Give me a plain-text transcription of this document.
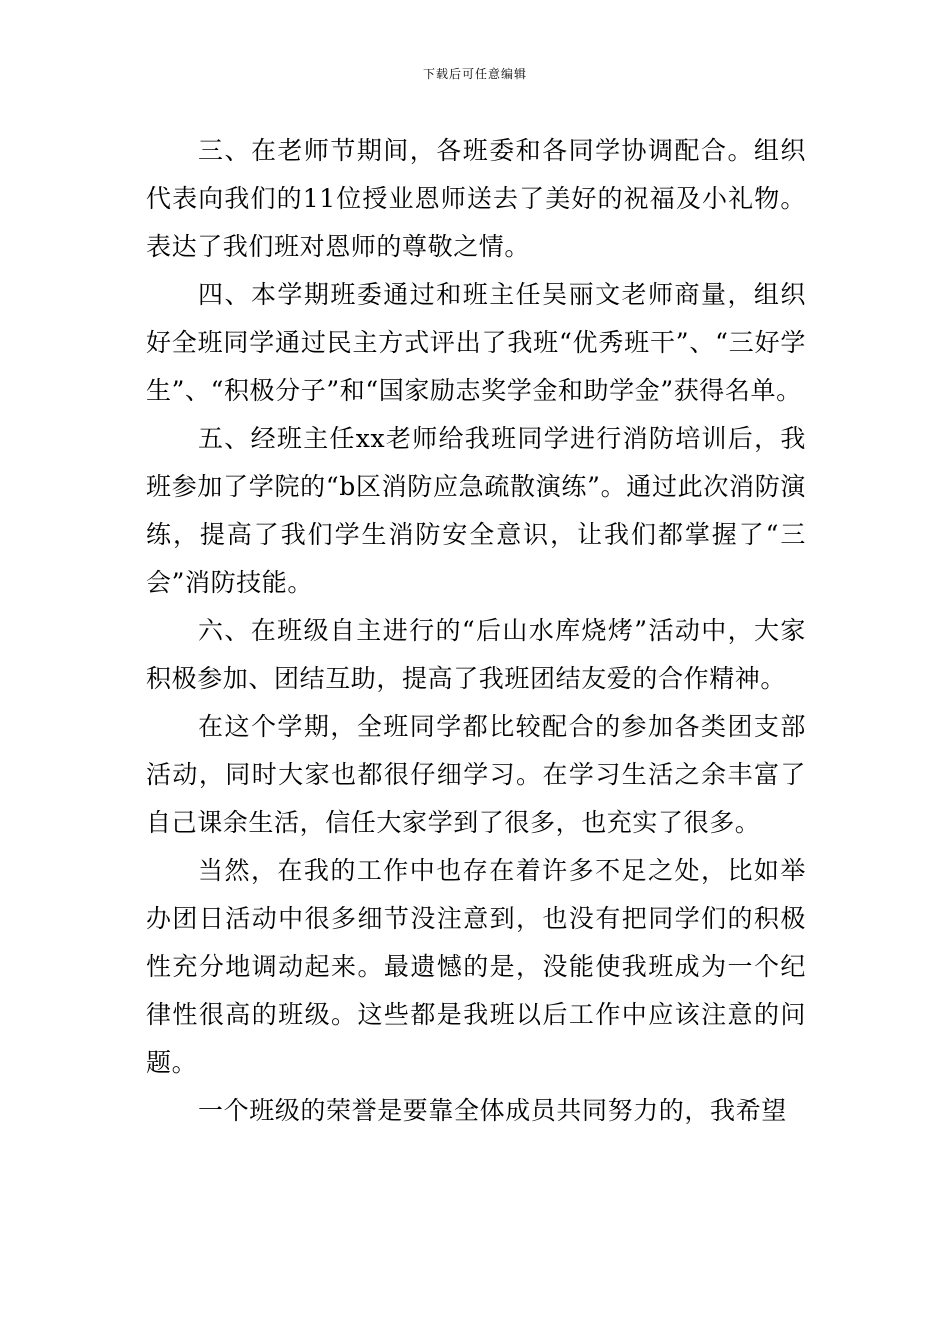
下载后可任意编辑

三、在老师节期间，各班委和各同学协调配合。组织代表向我们的11位授业恩师送去了美好的祝福及小礼物。表达了我们班对恩师的尊敬之情。

四、本学期班委通过和班主任吴丽文老师商量，组织好全班同学通过民主方式评出了我班“优秀班干”、“三好学生”、“积极分子”和“国家励志奖学金和助学金”获得名单。

五、经班主任xx老师给我班同学进行消防培训后，我班参加了学院的“b区消防应急疏散演练”。通过此次消防演练，提高了我们学生消防安全意识，让我们都掌握了“三会”消防技能。

六、在班级自主进行的“后山水库烧烤”活动中，大家积极参加、团结互助，提高了我班团结友爱的合作精神。

在这个学期，全班同学都比较配合的参加各类团支部活动，同时大家也都很仔细学习。在学习生活之余丰富了自己课余生活，信任大家学到了很多，也充实了很多。

当然，在我的工作中也存在着许多不足之处，比如举办团日活动中很多细节没注意到，也没有把同学们的积极性充分地调动起来。最遗憾的是，没能使我班成为一个纪律性很高的班级。这些都是我班以后工作中应该注意的问题。

一个班级的荣誉是要靠全体成员共同努力的，我希望
